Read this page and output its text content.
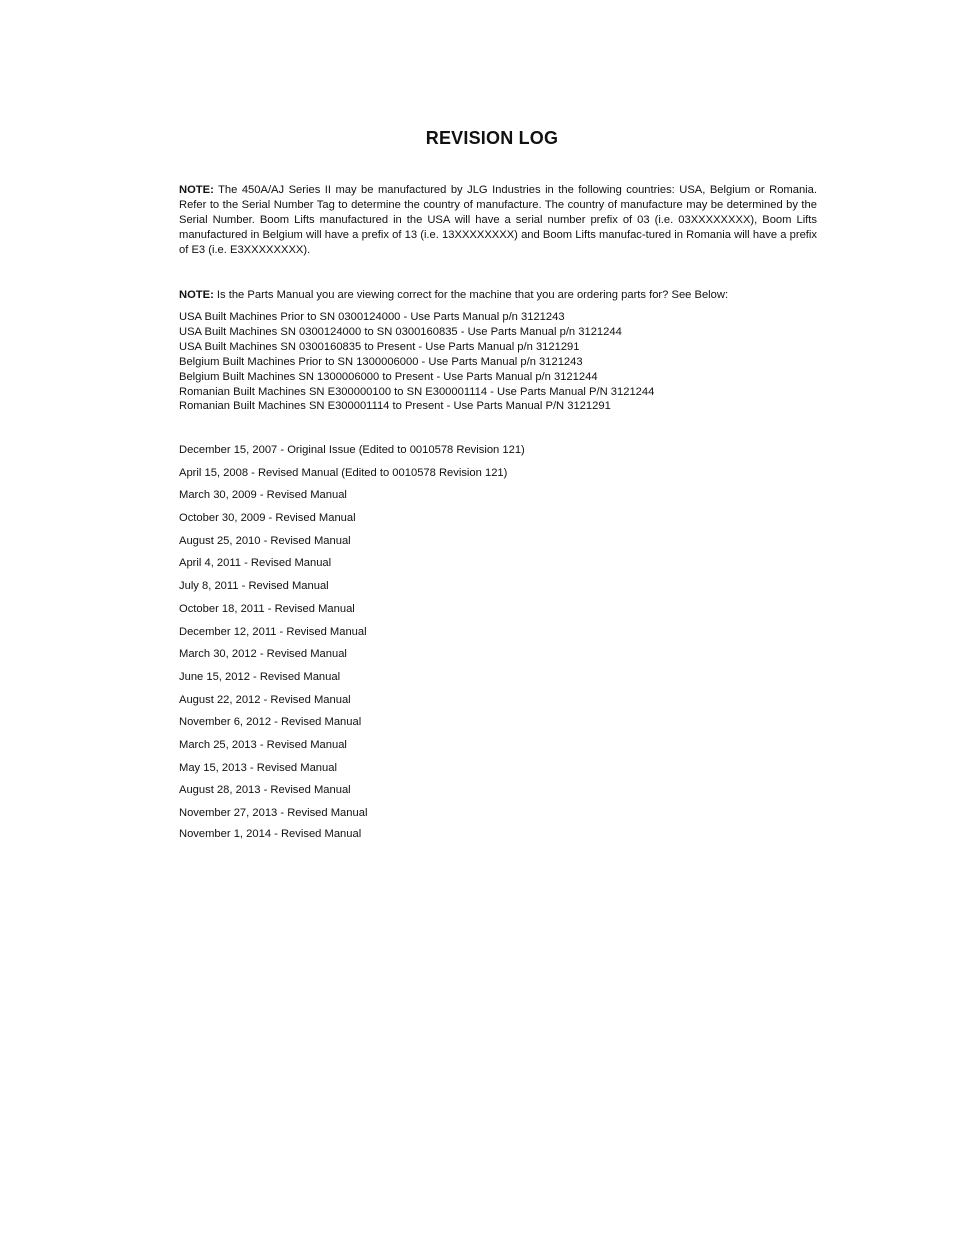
REVISION LOG
NOTE: The 450A/AJ Series II may be manufactured by JLG Industries in the following countries: USA, Belgium or Romania. Refer to the Serial Number Tag to determine the country of manufacture. The country of manufacture may be determined by the Serial Number. Boom Lifts manufactured in the USA will have a serial number prefix of 03 (i.e. 03XXXXXXXX), Boom Lifts manufactured in Belgium will have a prefix of 13 (i.e. 13XXXXXXXX) and Boom Lifts manufac-tured in Romania will have a prefix of E3 (i.e. E3XXXXXXXX).
NOTE: Is the Parts Manual you are viewing correct for the machine that you are ordering parts for? See Below:
USA Built Machines Prior to SN 0300124000 - Use Parts Manual p/n 3121243
USA Built Machines SN 0300124000 to SN 0300160835 - Use Parts Manual p/n 3121244
USA Built Machines SN 0300160835 to Present - Use Parts Manual p/n 3121291
Belgium Built Machines Prior to SN 1300006000 - Use Parts Manual p/n 3121243
Belgium Built Machines SN 1300006000 to Present - Use Parts Manual p/n 3121244
Romanian Built Machines SN E300000100 to SN E300001114 - Use Parts Manual P/N 3121244
Romanian Built Machines SN E300001114 to Present - Use Parts Manual P/N 3121291
December 15, 2007 - Original Issue (Edited to 0010578 Revision 121)
April 15, 2008 - Revised Manual (Edited to 0010578 Revision 121)
March 30, 2009 - Revised Manual
October 30, 2009 - Revised Manual
August 25, 2010 - Revised Manual
April 4, 2011 - Revised Manual
July 8, 2011 - Revised Manual
October 18, 2011 - Revised Manual
December 12, 2011 - Revised Manual
March 30, 2012 - Revised Manual
June 15, 2012 - Revised Manual
August 22, 2012 - Revised Manual
November 6, 2012 - Revised Manual
March 25, 2013 - Revised Manual
May 15, 2013 - Revised Manual
August 28, 2013 - Revised Manual
November 27, 2013 - Revised Manual
November 1, 2014 - Revised Manual
